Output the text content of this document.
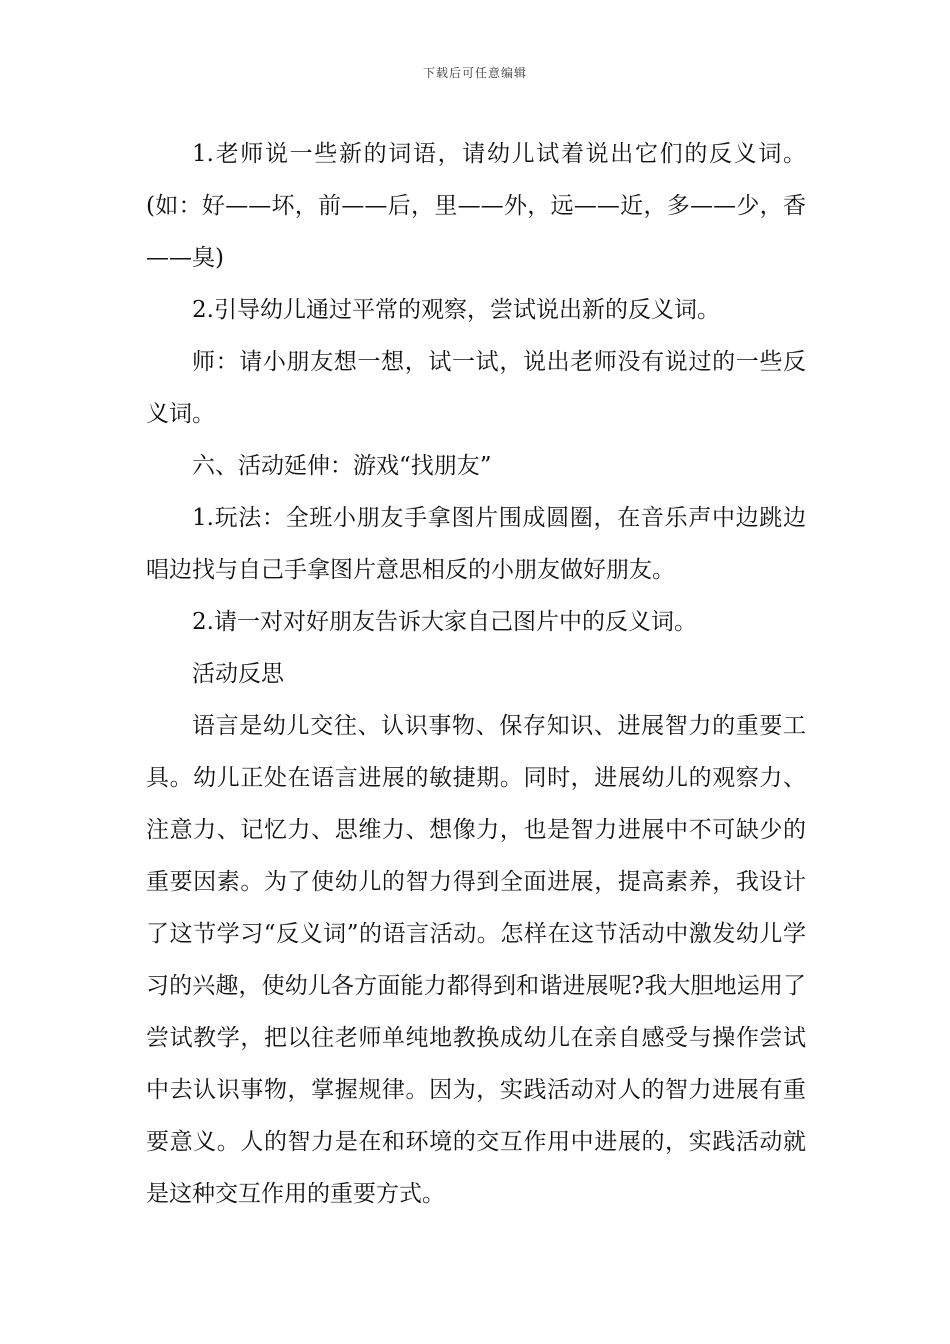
下载后可任意编辑

1.老师说一些新的词语，请幼儿试着说出它们的反义词。(如：好——坏，前——后，里——外，远——近，多——少，香——臭)

2.引导幼儿通过平常的观察，尝试说出新的反义词。

师：请小朋友想一想，试一试，说出老师没有说过的一些反义词。

六、活动延伸：游戏“找朋友”

1.玩法：全班小朋友手拿图片围成圆圈，在音乐声中边跳边唱边找与自己手拿图片意思相反的小朋友做好朋友。

2.请一对对好朋友告诉大家自己图片中的反义词。

活动反思

语言是幼儿交往、认识事物、保存知识、进展智力的重要工具。幼儿正处在语言进展的敏捷期。同时，进展幼儿的观察力、注意力、记忆力、思维力、想像力，也是智力进展中不可缺少的重要因素。为了使幼儿的智力得到全面进展，提高素养，我设计了这节学习“反义词”的语言活动。怎样在这节活动中激发幼儿学习的兴趣，使幼儿各方面能力都得到和谐进展呢?我大胆地运用了尝试教学，把以往老师单纯地教换成幼儿在亲自感受与操作尝试中去认识事物，掌握规律。因为，实践活动对人的智力进展有重要意义。人的智力是在和环境的交互作用中进展的，实践活动就是这种交互作用的重要方式。
